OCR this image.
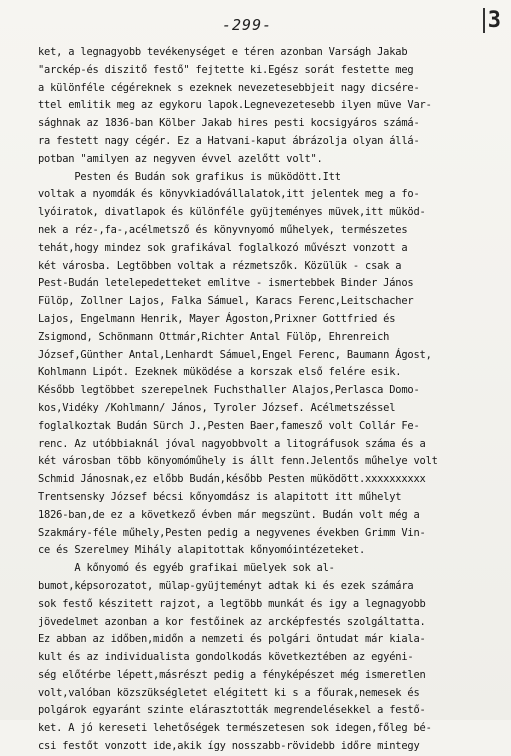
-299-	3
ket, a legnagyobb tevékenységet e téren azonban Varságh Jakab
"arckép-és diszitő festő" fejtette ki.Egész sorát festette meg
a különféle cégéreknek s ezeknek nevezetesebbjeit nagy dicsére-
ttel emlitik meg az egykoru lapok.Legnevezetesebb ilyen müve Var-
sághnak az 1836-ban Kölber Jakab hires pesti kocsigyáros számá-
ra festett nagy cégér. Ez a Hatvani-kaput ábrázolja olyan állá-
potban "amilyen az negyven évvel azelőtt volt".
Pesten és Budán sok grafikus is müködött.Itt
voltak a nyomdák és könyvkiadóvállalatok,itt jelentek meg a fo-
lyóiratok, divatlapok és különféle gyüjteményes müvek,itt müköd-
nek a réz-,fa-,acélmetsző és könyvnyomó műhelyek, természetes
tehát,hogy mindez sok grafikával foglalkozó művészt vonzott a
két városba. Legtöbben voltak a rézmetszők. Közülük - csak a
Pest-Budán letelepedetteket emlitve - ismertebbek Binder János
Fülöp, Zollner Lajos, Falka Sámuel, Karacs Ferenc,Leitschacher
Lajos, Engelmann Henrik, Mayer Ágoston,Prixner Gottfried és
Zsigmond, Schönmann Ottmár,Richter Antal Fülöp, Ehrenreich
József,Günther Antal,Lenhardt Sámuel,Engel Ferenc, Baumann Ágost,
Kohlmann Lipót. Ezeknek müködése a korszak első felére esik.
Később legtöbbet szerepelnek Fuchsthaller Alajos,Perlasca Domo-
kos,Vidéky /Kohlmann/ János, Tyroler József. Acélmetszéssel
foglalkoztak Budán Sürch J.,Pesten Baer,famesző volt Collár Fe-
renc. Az utóbbiaknál jóval nagyobbvolt a litográfusok száma és a
két városban több könyomóműhely is állt fenn.Jelentős műhelye volt
Schmid Jánosnak,ez előbb Budán,később Pesten müködött.xxxxxxxxxx
Trentsensky József bécsi kőnyomdász is alapitott itt műhelyt
1826-ban,de ez a következő évben már megszünt. Budán volt még a
Szakmáry-féle műhely,Pesten pedig a negyvenes években Grimm Vin-
ce és Szerelmey Mihály alapitottak kőnyomóintézeteket.
A kőnyomó és egyéb grafikai müelyek sok al-
bumot,képsorozatot, mülap-gyüjteményt adtak ki és ezek számára
sok festő készitett rajzot, a legtöbb munkát és igy a legnagyobb
jövedelmet azonban a kor festőinek az arcképfestés szolgáltatta.
Ez abban az időben,midőn a nemzeti és polgári öntudat már kiala-
kult és az individualista gondolkodás következtében az egyéni-
ség előtérbe lépett,másrészt pedig a fényképészet még ismeretlen
volt,valóban közszükségletet elégitett ki s a főurak,nemesek és
polgárok egyaránt szinte elárasztották megrendelésekkel a festő-
ket. A jó kereseti lehetőségek természetesen sok idegen,főleg bé-
csi festőt vonzott ide,akik így nosszabb-rövidebb időre mintegy
